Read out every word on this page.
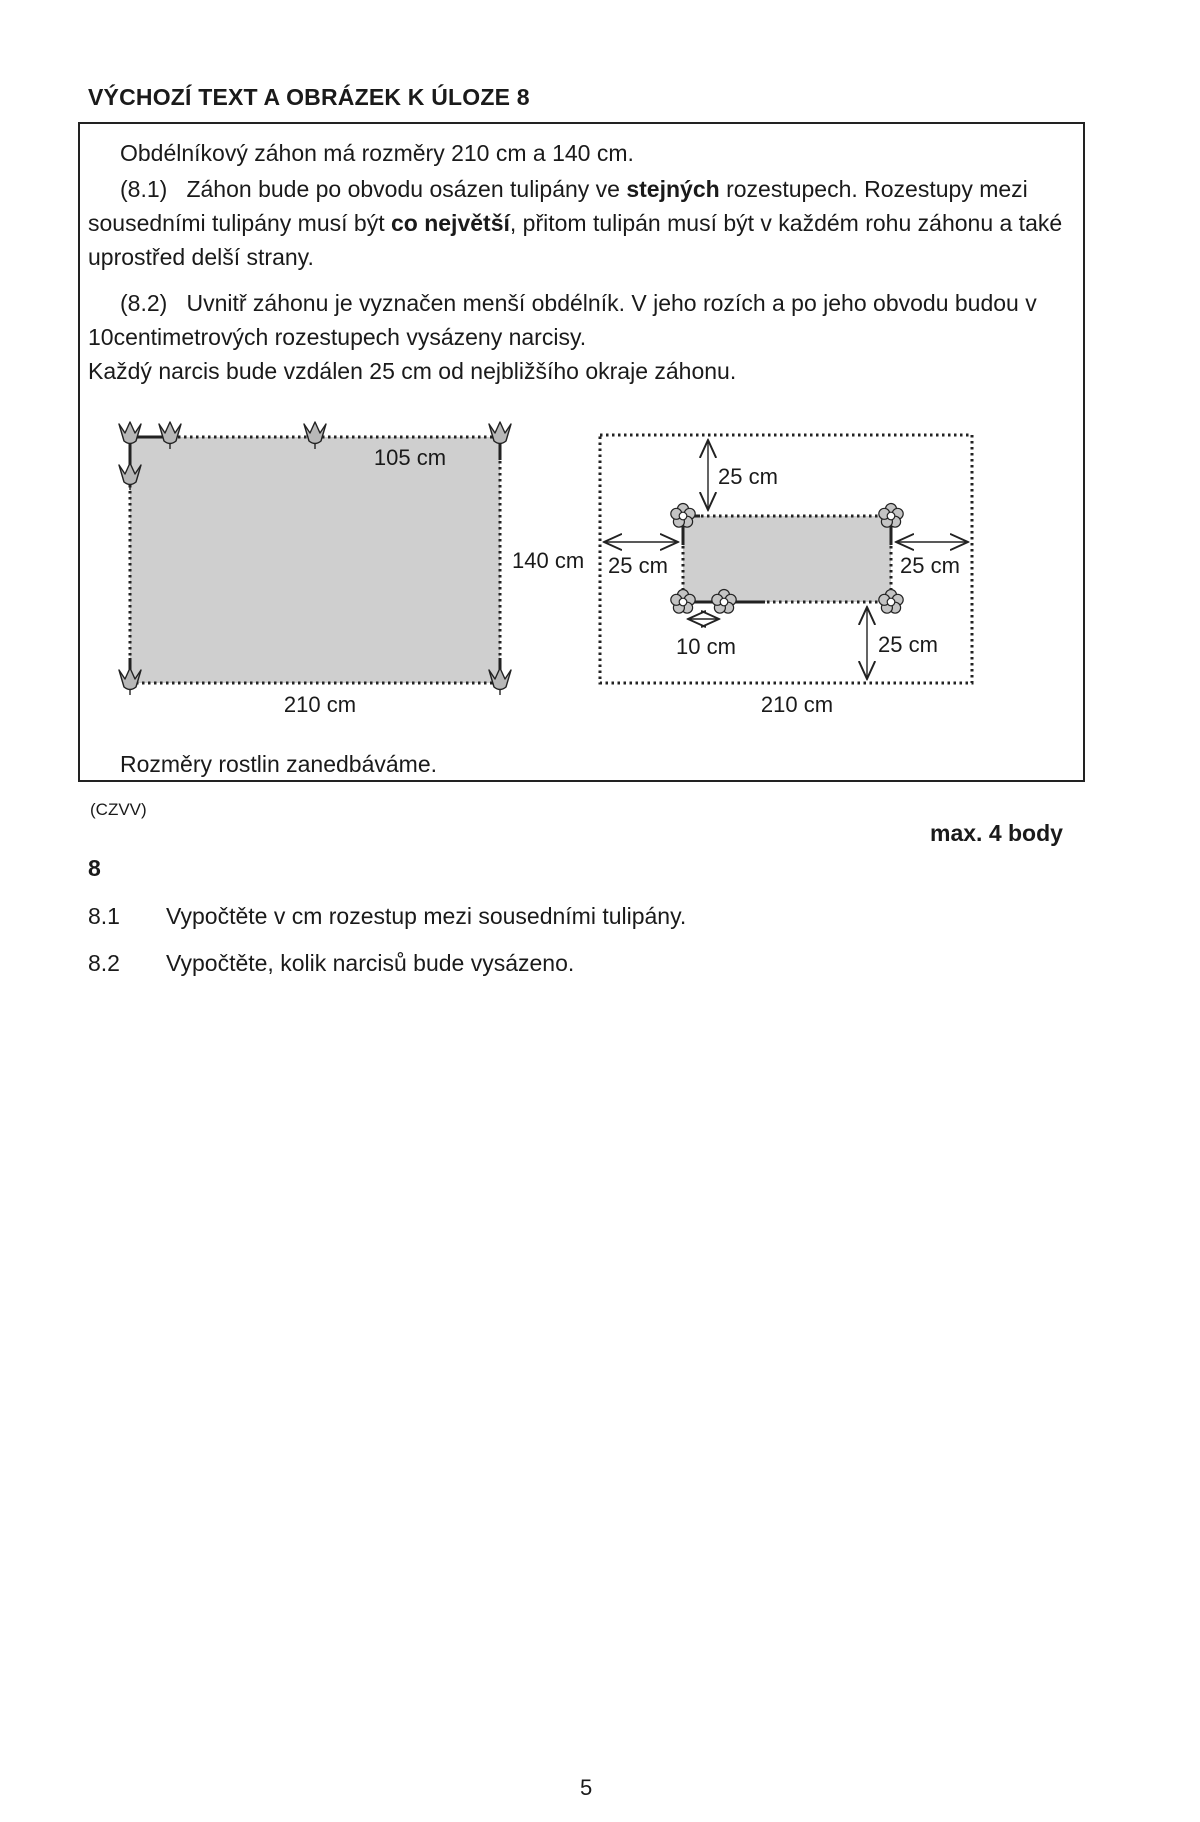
VÝCHOZÍ TEXT A OBRÁZEK K ÚLOZE 8

Obdélníkový záhon má rozměry 210 cm a 140 cm.

(8.1) Záhon bude po obvodu osázen tulipány ve stejných rozestupech. Rozestupy mezi sousedními tulipány musí být co největší, přitom tulipán musí být v každém rohu záhonu a také uprostřed delší strany.

(8.2) Uvnitř záhonu je vyznačen menší obdélník. V jeho rozích a po jeho obvodu budou v 10centimetrových rozestupech vysázeny narcisy.

Každý narcis bude vzdálen 25 cm od nejbližšího okraje záhonu.

105 cm
140 cm
210 cm
25 cm
25 cm	25 cm
10 cm	25 cm
210 cm
Rozměry rostlin zanedbáváme.
(CZVV)
max. 4 body
8
8.1 Vypočtěte v cm rozestup mezi sousedními tulipány.
8.2 Vypočtěte, kolik narcisů bude vysázeno.
5
